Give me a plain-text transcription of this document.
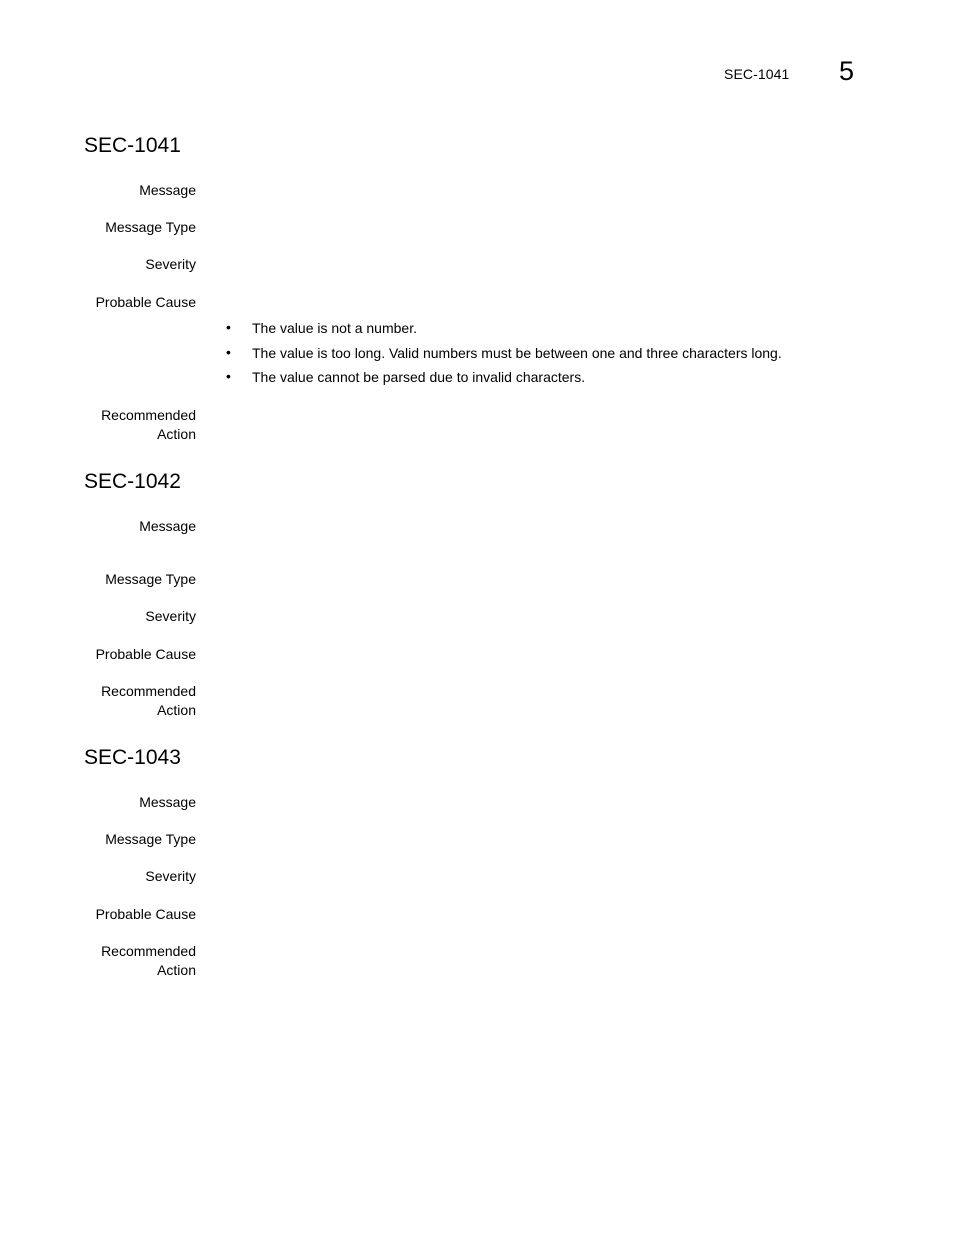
SEC-1041 5
SEC-1041
Message
Message Type
Severity
Probable Cause
• The value is not a number.
• The value is too long. Valid numbers must be between one and three characters long.
• The value cannot be parsed due to invalid characters.
Recommended
Action
SEC-1042
Message
Message Type
Severity
Probable Cause
Recommended
Action
SEC-1043
Message
Message Type
Severity
Probable Cause
Recommended
Action
